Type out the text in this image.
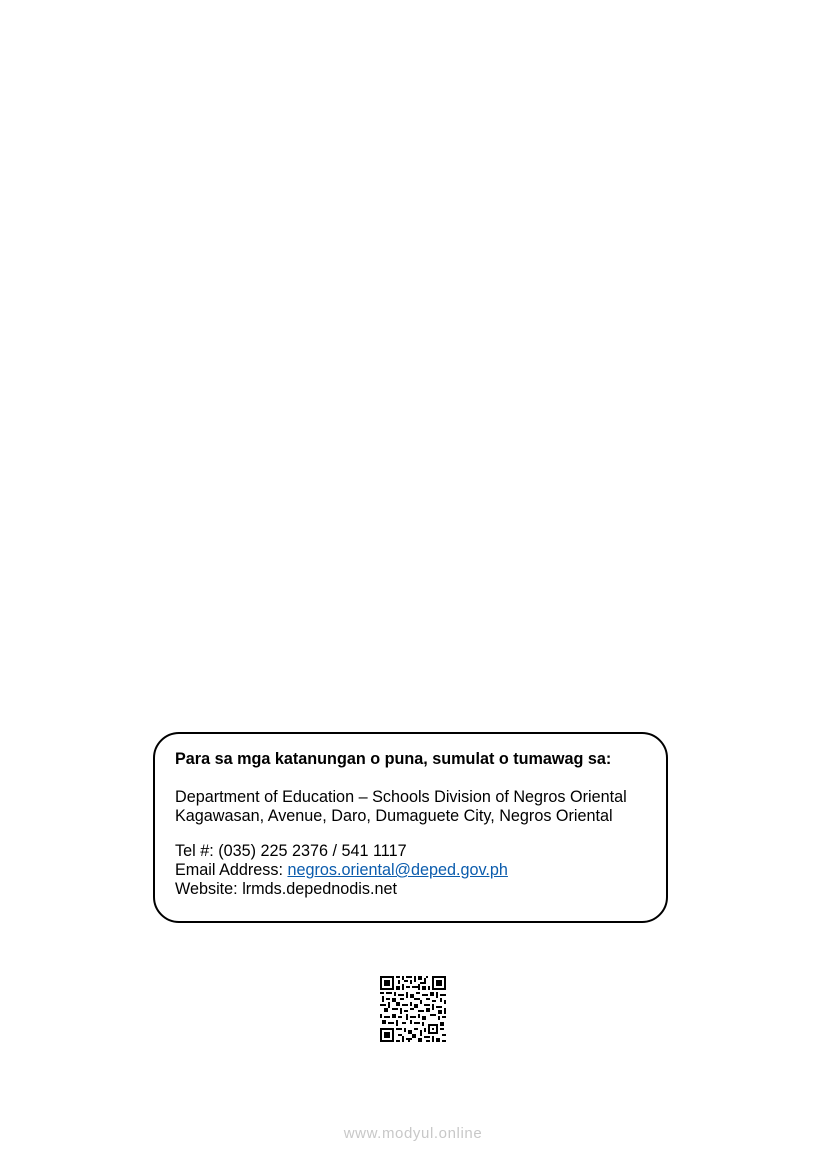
Para sa mga katanungan o puna, sumulat o tumawag sa:
Department of Education – Schools Division of Negros Oriental
Kagawasan, Avenue, Daro, Dumaguete City, Negros Oriental
Tel #: (035) 225 2376 / 541 1117
Email Address: negros.oriental@deped.gov.ph
Website: lrmds.depednodis.net
www.modyul.online
